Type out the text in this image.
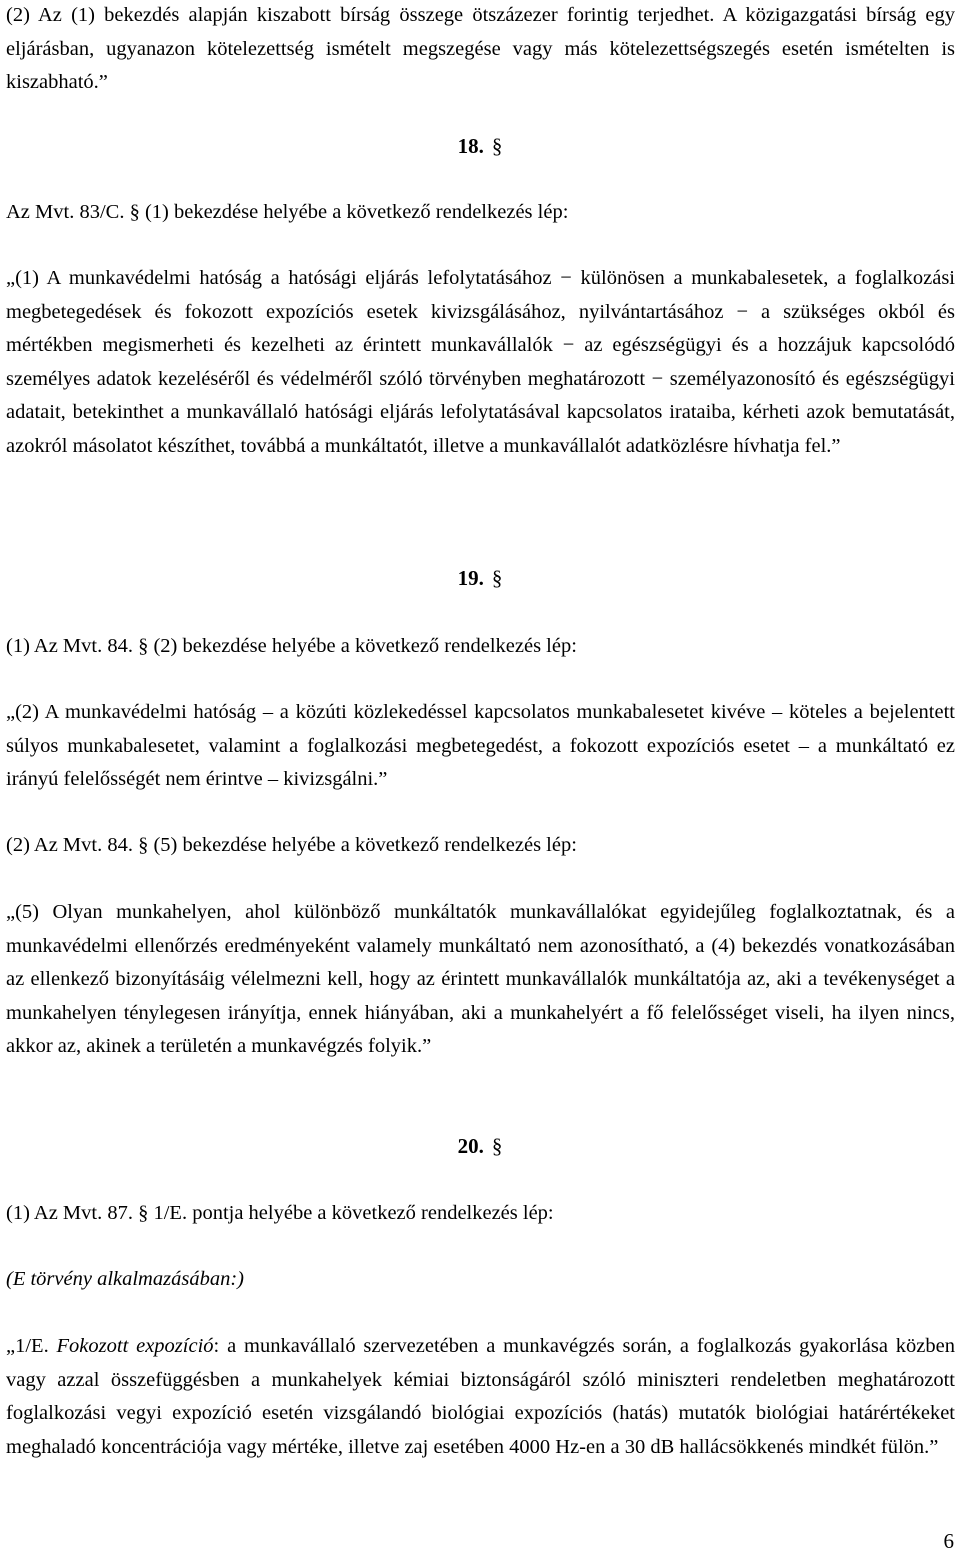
(2) Az (1) bekezdés alapján kiszabott bírság összege ötszázezer forintig terjedhet. A közigazgatási bírság egy eljárásban, ugyanazon kötelezettség ismételt megszegése vagy más kötelezettségszegés esetén ismételten is kiszabható.”

18. §

Az Mvt. 83/C. § (1) bekezdése helyébe a következő rendelkezés lép:

„(1) A munkavédelmi hatóság a hatósági eljárás lefolytatásához − különösen a munkabalesetek, a foglalkozási megbetegedések és fokozott expozíciós esetek kivizsgálásához, nyilvántartásához − a szükséges okból és mértékben megismerheti és kezelheti az érintett munkavállalók − az egészségügyi és a hozzájuk kapcsolódó személyes adatok kezeléséről és védelméről szóló törvényben meghatározott − személyazonosító és egészségügyi adatait, betekinthet a munkavállaló hatósági eljárás lefolytatásával kapcsolatos irataiba, kérheti azok bemutatását, azokról másolatot készíthet, továbbá a munkáltatót, illetve a munkavállalót adatközlésre hívhatja fel.”

19. §

(1) Az Mvt. 84. § (2) bekezdése helyébe a következő rendelkezés lép:

„(2) A munkavédelmi hatóság – a közúti közlekedéssel kapcsolatos munkabalesetet kivéve – köteles a bejelentett súlyos munkabalesetet, valamint a foglalkozási megbetegedést, a fokozott expozíciós esetet – a munkáltató ez irányú felelősségét nem érintve – kivizsgálni.”

(2) Az Mvt. 84. § (5) bekezdése helyébe a következő rendelkezés lép:

„(5) Olyan munkahelyen, ahol különböző munkáltatók munkavállalókat egyidejűleg foglalkoztatnak, és a munkavédelmi ellenőrzés eredményeként valamely munkáltató nem azonosítható, a (4) bekezdés vonatkozásában az ellenkező bizonyításáig vélelmezni kell, hogy az érintett munkavállalók munkáltatója az, aki a tevékenységet a munkahelyen ténylegesen irányítja, ennek hiányában, aki a munkahelyért a fő felelősséget viseli, ha ilyen nincs, akkor az, akinek a területén a munkavégzés folyik.”

20. §

(1) Az Mvt. 87. § 1/E. pontja helyébe a következő rendelkezés lép:

(E törvény alkalmazásában:)

„1/E. Fokozott expozíció: a munkavállaló szervezetében a munkavégzés során, a foglalkozás gyakorlása közben vagy azzal összefüggésben a munkahelyek kémiai biztonságáról szóló miniszteri rendeletben meghatározott foglalkozási vegyi expozíció esetén vizsgálandó biológiai expozíciós (hatás) mutatók biológiai határértékeket meghaladó koncentrációja vagy mértéke, illetve zaj esetében 4000 Hz-en a 30 dB hallácsökkenés mindkét fülön.”

6
